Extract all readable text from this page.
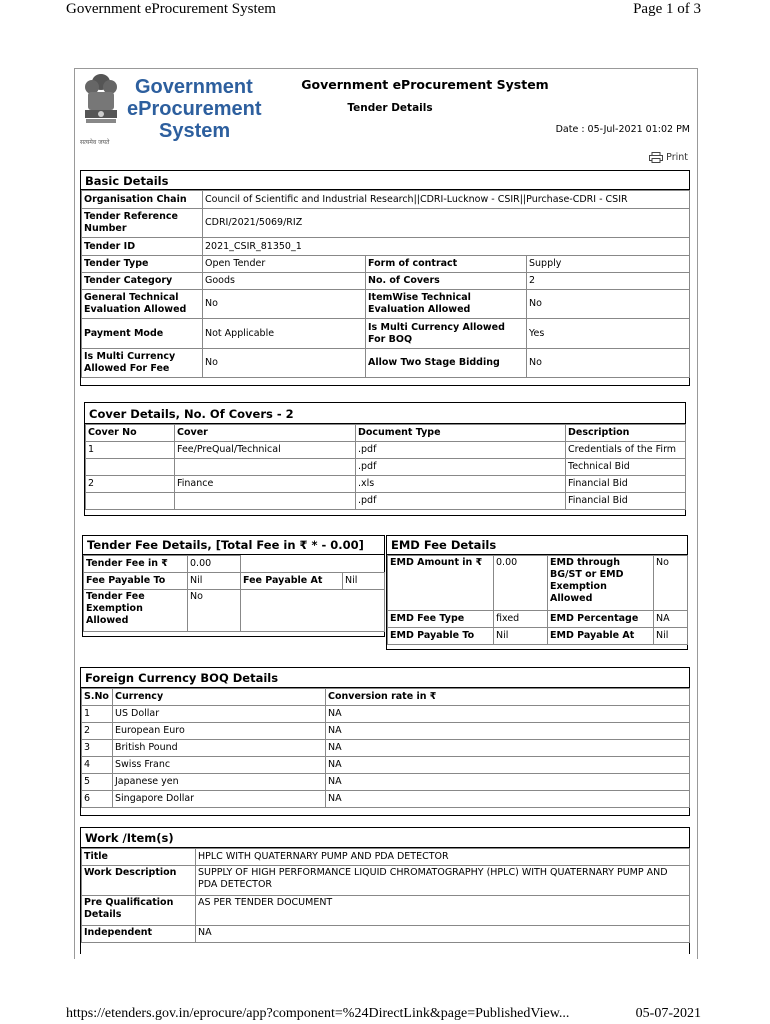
Government eProcurement System	Page 1 of 3
सत्यमेव जयते
Government
eProcurement
System
Government eProcurement System
Tender Details
Date : 05-Jul-2021 01:02 PM
Print
Basic Details
Organisation Chain	Council of Scientific and Industrial Research||CDRI-Lucknow - CSIR||Purchase-CDRI - CSIR		
Tender Reference Number	CDRI/2021/5069/RIZ		
Tender ID	2021_CSIR_81350_1		
Tender Type	Open Tender	Form of contract	Supply
Tender Category	Goods	No. of Covers	2
General Technical Evaluation Allowed	No	ItemWise Technical Evaluation Allowed	No
Payment Mode	Not Applicable	Is Multi Currency Allowed For BOQ	Yes
Is Multi Currency Allowed For Fee	No	Allow Two Stage Bidding	No
Cover Details, No. Of Covers - 2
Cover No	Cover	Document Type	Description
1	Fee/PreQual/Technical	.pdf	Credentials of the Firm
		.pdf	Technical Bid
2	Finance	.xls	Financial Bid
		.pdf	Financial Bid
Tender Fee Details, [Total Fee in ₹ * - 0.00]
Tender Fee in ₹	0.00		
Fee Payable To	Nil	Fee Payable At	Nil
Tender Fee Exemption Allowed	No		
EMD Fee Details
EMD Amount in ₹	0.00	EMD through BG/ST or EMD Exemption Allowed	No
EMD Fee Type	fixed	EMD Percentage	NA
EMD Payable To	Nil	EMD Payable At	Nil
Foreign Currency BOQ Details
S.No	Currency	Conversion rate in ₹
1	US Dollar	NA
2	European Euro	NA
3	British Pound	NA
4	Swiss Franc	NA
5	Japanese yen	NA
6	Singapore Dollar	NA
Work /Item(s)
Title	HPLC WITH QUATERNARY PUMP AND PDA DETECTOR
Work Description	SUPPLY OF HIGH PERFORMANCE LIQUID CHROMATOGRAPHY (HPLC) WITH QUATERNARY PUMP AND PDA DETECTOR
Pre Qualification Details	AS PER TENDER DOCUMENT
Independent	NA
https://etenders.gov.in/eprocure/app?component=%24DirectLink&page=PublishedView...	05-07-2021
